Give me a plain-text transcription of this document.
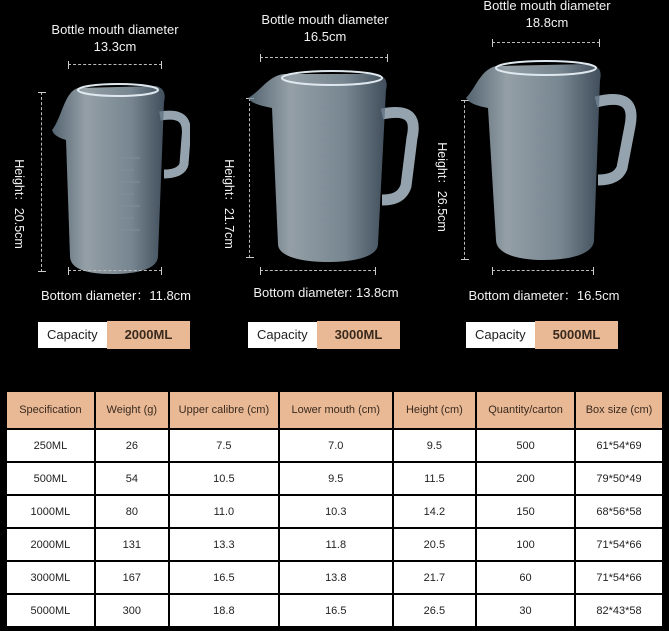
Bottle mouth diameter
13.3cm
Height：20.5cm
Bottom diameter：11.8cm
Capacity	2000ML
Bottle mouth diameter
16.5cm
Height：21.7cm
Bottom diameter: 13.8cm
Capacity	3000ML
Bottle mouth diameter
18.8cm
Height：26.5cm
Bottom diameter：16.5cm
Capacity	5000ML
Specification	Weight (g)	Upper calibre (cm)	Lower mouth (cm)	Height (cm)	Quantity/carton	Box size (cm)
250ML	26	7.5	7.0	9.5	500	61*54*69
500ML	54	10.5	9.5	11.5	200	79*50*49
1000ML	80	11.0	10.3	14.2	150	68*56*58
2000ML	131	13.3	11.8	20.5	100	71*54*66
3000ML	167	16.5	13.8	21.7	60	71*54*66
5000ML	300	18.8	16.5	26.5	30	82*43*58
